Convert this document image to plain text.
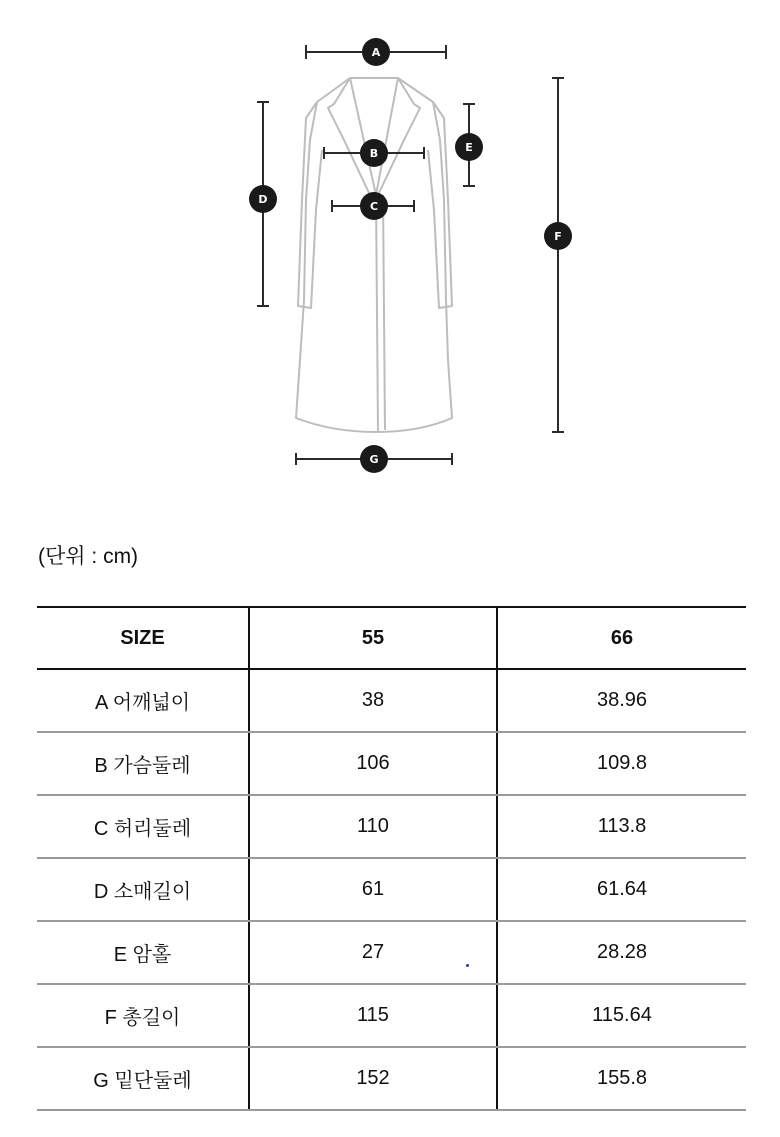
A
B
C
D
E
F
G
(단위 : cm)
SIZE	55	66
A 어깨넓이	38	38.96
B 가슴둘레	106	109.8
C 허리둘레	110	113.8
D 소매길이	61	61.64
E 암홀	27	28.28
F 총길이	115	115.64
G 밑단둘레	152	155.8
